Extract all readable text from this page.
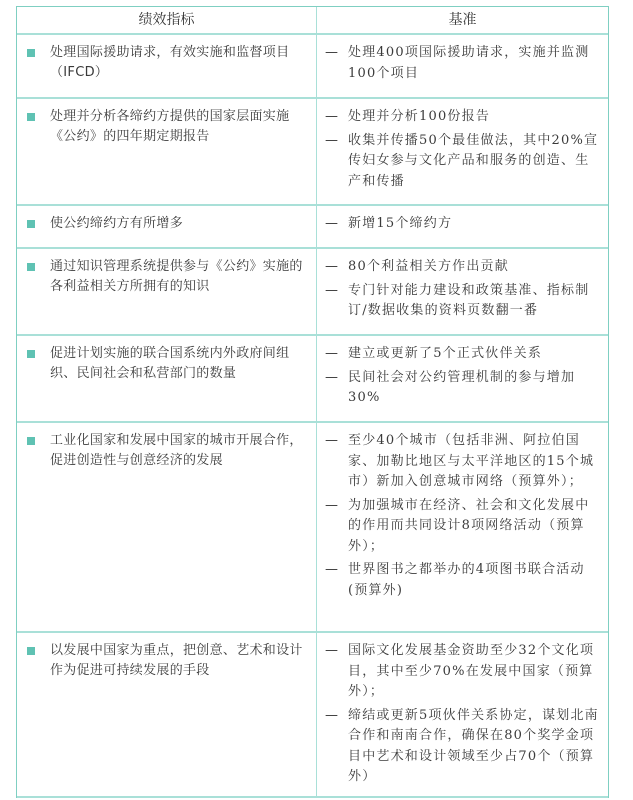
绩效指标	基准
处理国际援助请求，有效实施和监督项目（IFCD）
— 处理400项国际援助请求，实施并监测100个项目
处理并分析各缔约方提供的国家层面实施《公约》的四年期定期报告
— 处理并分析100份报告
— 收集并传播50个最佳做法，其中20%宣传妇女参与文化产品和服务的创造、生产和传播
使公约缔约方有所增多	— 新增15个缔约方
通过知识管理系统提供参与《公约》实施的各利益相关方所拥有的知识
— 80个利益相关方作出贡献
— 专门针对能力建设和政策基准、指标制订/数据收集的资料页数翻一番
促进计划实施的联合国系统内外政府间组织、民间社会和私营部门的数量
— 建立或更新了5个正式伙伴关系
— 民间社会对公约管理机制的参与增加30%
工业化国家和发展中国家的城市开展合作，促进创造性与创意经济的发展
— 至少40个城市（包括非洲、阿拉伯国家、加勒比地区与太平洋地区的15个城市）新加入创意城市网络（预算外）；
— 为加强城市在经济、社会和文化发展中的作用而共同设计8项网络活动（预算外）；
— 世界图书之都举办的4项图书联合活动(预算外)
以发展中国家为重点，把创意、艺术和设计作为促进可持续发展的手段
— 国际文化发展基金资助至少32个文化项目，其中至少70%在发展中国家（预算外）；
— 缔结或更新5项伙伴关系协定，谋划北南合作和南南合作，确保在80个奖学金项目中艺术和设计领域至少占70个（预算外）
